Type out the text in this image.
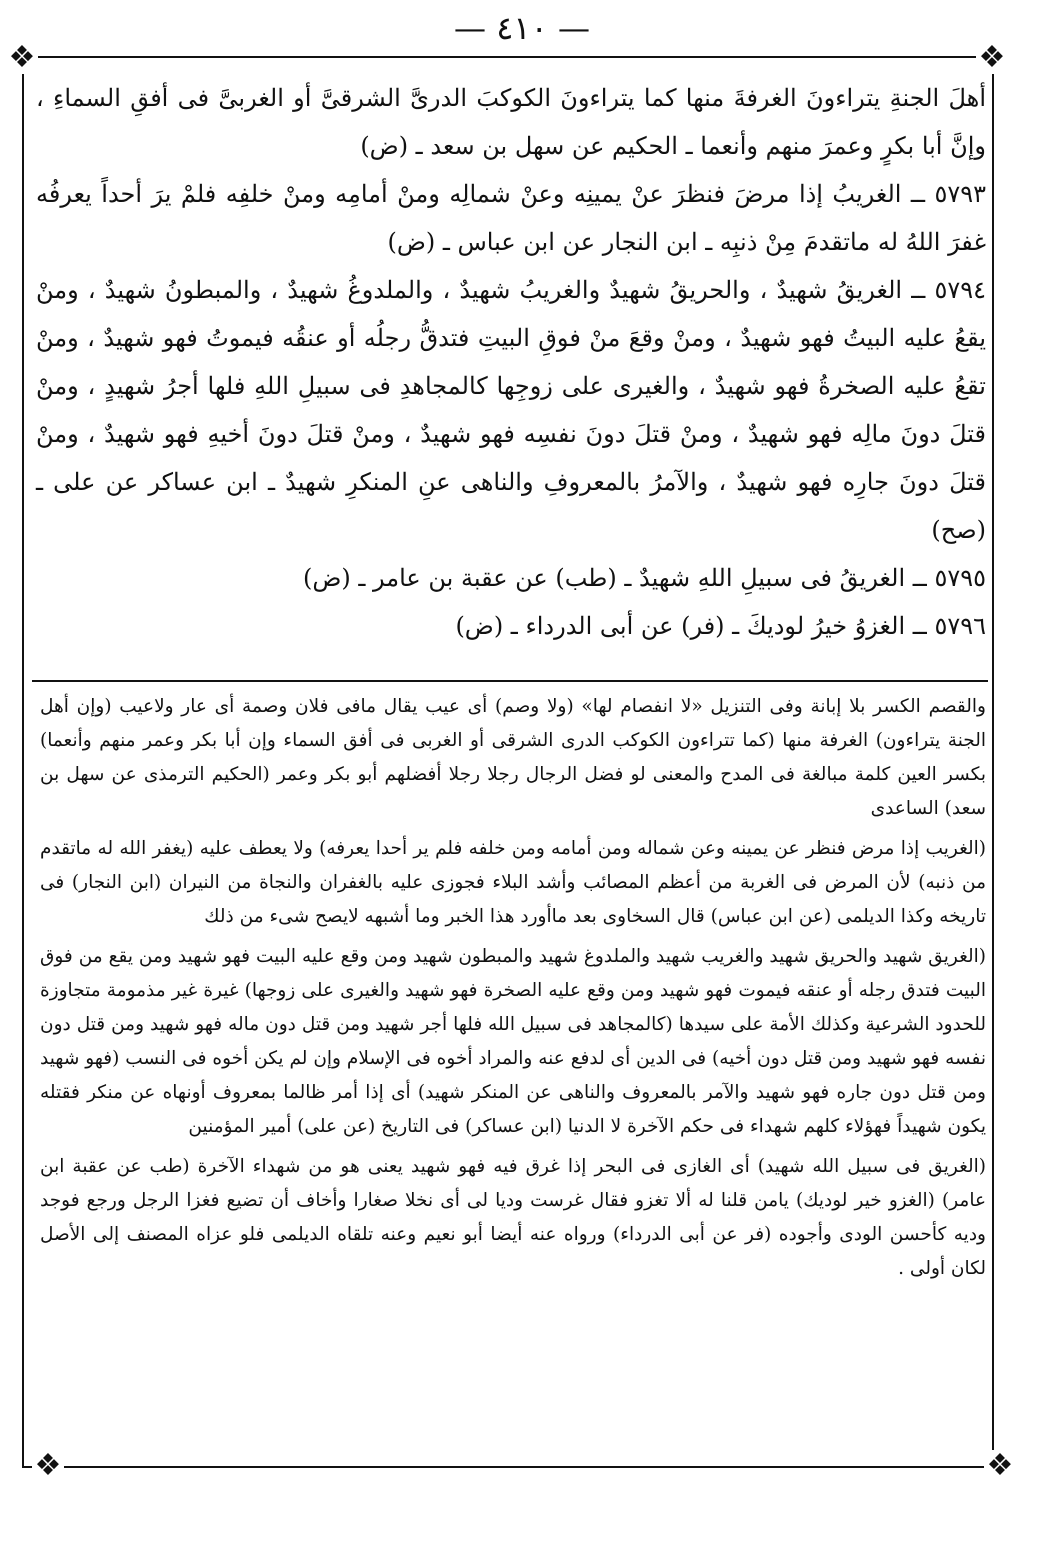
— ٤١٠ —
❖	❖
❖	❖

أهلَ الجنةِ يتراءونَ الغرفةَ منها كما يتراءونَ الكوكبَ الدرىَّ الشرقىَّ أو الغربىَّ فى أفقِ السماءِ ، وإنَّ أبا بكرٍ وعمرَ منهم وأنعما ـ الحكيم عن سهل بن سعد ـ (ض)

٥٧٩٣ ــ الغريبُ إذا مرضَ فنظرَ عنْ يمينِه وعنْ شمالِه ومنْ أمامِه ومنْ خلفِه فلمْ يرَ أحداً يعرفُه غفرَ اللهُ له ماتقدمَ مِنْ ذنبِه ـ ابن النجار عن ابن عباس ـ (ض)

٥٧٩٤ ــ الغريقُ شهيدٌ ، والحريقُ شهيدٌ والغريبُ شهيدٌ ، والملدوغُ شهيدٌ ، والمبطونُ شهيدٌ ، ومنْ يقعُ عليه البيتُ فهو شهيدٌ ، ومنْ وقعَ منْ فوقِ البيتِ فتدقُّ رجلُه أو عنقُه فيموتُ فهو شهيدٌ ، ومنْ تقعُ عليه الصخرةُ فهو شهيدٌ ، والغيرى على زوجِها كالمجاهدِ فى سبيلِ اللهِ فلها أجرُ شهيدٍ ، ومنْ قتلَ دونَ مالِه فهو شهيدٌ ، ومنْ قتلَ دونَ نفسِه فهو شهيدٌ ، ومنْ قتلَ دونَ أخيهِ فهو شهيدٌ ، ومنْ قتلَ دونَ جارِه فهو شهيدٌ ، والآمرُ بالمعروفِ والناهى عنِ المنكرِ شهيدٌ ـ ابن عساكر عن على ـ (صح)

٥٧٩٥ ــ الغريقُ فى سبيلِ اللهِ شهيدٌ ـ (طب) عن عقبة بن عامر ـ (ض)

٥٧٩٦ ــ الغزوُ خيرُ لوديكَ ـ (فر) عن أبى الدرداء ـ (ض)

والقصم الكسر بلا إبانة وفى التنزيل «لا انفصام لها» (ولا وصم) أى عيب يقال مافى فلان وصمة أى عار ولاعيب (وإن أهل الجنة يتراءون) الغرفة منها (كما تتراءون الكوكب الدرى الشرقى أو الغربى فى أفق السماء وإن أبا بكر وعمر منهم وأنعما) بكسر العين كلمة مبالغة فى المدح والمعنى لو فضل الرجال رجلا رجلا أفضلهم أبو بكر وعمر (الحكيم الترمذى عن سهل بن سعد) الساعدى

(الغريب إذا مرض فنظر عن يمينه وعن شماله ومن أمامه ومن خلفه فلم ير أحدا يعرفه) ولا يعطف عليه (يغفر الله له ماتقدم من ذنبه) لأن المرض فى الغربة من أعظم المصائب وأشد البلاء فجوزى عليه بالغفران والنجاة من النيران (ابن النجار) فى تاريخه وكذا الديلمى (عن ابن عباس) قال السخاوى بعد ماأورد هذا الخبر وما أشبهه لايصح شىء من ذلك

(الغريق شهيد والحريق شهيد والغريب شهيد والملدوغ شهيد والمبطون شهيد ومن وقع عليه البيت فهو شهيد ومن يقع من فوق البيت فتدق رجله أو عنقه فيموت فهو شهيد ومن وقع عليه الصخرة فهو شهيد والغيرى على زوجها) غيرة غير مذمومة متجاوزة للحدود الشرعية وكذلك الأمة على سيدها (كالمجاهد فى سبيل الله فلها أجر شهيد ومن قتل دون ماله فهو شهيد ومن قتل دون نفسه فهو شهيد ومن قتل دون أخيه) فى الدين أى لدفع عنه والمراد أخوه فى الإسلام وإن لم يكن أخوه فى النسب (فهو شهيد ومن قتل دون جاره فهو شهيد والآمر بالمعروف والناهى عن المنكر شهيد) أى إذا أمر ظالما بمعروف أونهاه عن منكر فقتله يكون شهيداً فهؤلاء كلهم شهداء فى حكم الآخرة لا الدنيا (ابن عساكر) فى التاريخ (عن على) أمير المؤمنين

(الغريق فى سبيل الله شهيد) أى الغازى فى البحر إذا غرق فيه فهو شهيد يعنى هو من شهداء الآخرة (طب عن عقبة ابن عامر) (الغزو خير لوديك) يامن قلنا له ألا تغزو فقال غرست وديا لى أى نخلا صغارا وأخاف أن تضيع فغزا الرجل ورجع فوجد وديه كأحسن الودى وأجوده (فر عن أبى الدرداء) ورواه عنه أيضا أبو نعيم وعنه تلقاه الديلمى فلو عزاه المصنف إلى الأصل لكان أولى .
